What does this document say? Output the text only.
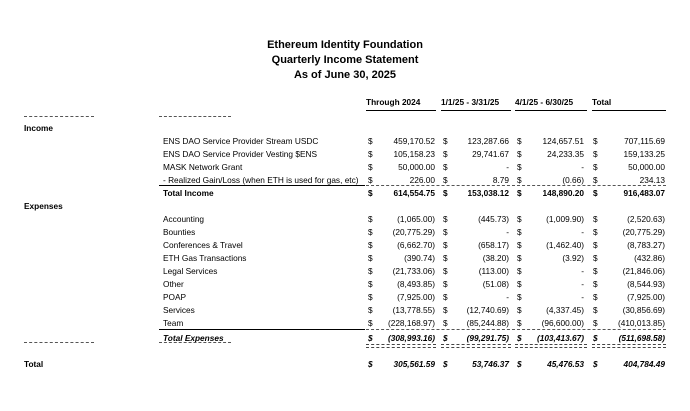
Ethereum Identity Foundation
Quarterly Income Statement
As of June 30, 2025
Through 2024 1/1/25 - 3/31/25 4/1/25 - 6/30/25 Total
Income
Expenses
ENS DAO Service Provider Stream USDC	$	459,170.52 $	123,287.66 $	124,657.51 $	707,115.69
ENS DAO Service Provider Vesting $ENS	$	105,158.23 $	29,741.67 $	24,233.35 $	159,133.25
MASK Network Grant	$	50,000.00 $	- $	- $	50,000.00
- Realized Gain/Loss (when ETH is used for gas, etc) $	226.00 $	8.79 $	(0.66) $	234.13
Total Income	$	614,554.75 $	153,038.12 $	148,890.20 $	916,483.07
Accounting	$	(1,065.00) $	(445.73) $	(1,009.90) $	(2,520.63)
Bounties	$	(20,775.29) $	- $	- $	(20,775.29)
Conferences & Travel	$	(6,662.70) $	(658.17) $	(1,462.40) $	(8,783.27)
ETH Gas Transactions	$	(390.74) $	(38.20) $	(3.92) $	(432.86)
Legal Services	$	(21,733.06) $	(113.00) $	- $	(21,846.06)
Other	$	(8,493.85) $	(51.08) $	- $	(8,544.93)
POAP	$	(7,925.00) $	- $	- $	(7,925.00)
Services	$	(13,778.55) $	(12,740.69) $	(4,337.45) $	(30,856.69)
Team	$	(228,168.97) $	(85,244.88) $	(96,600.00) $	(410,013.85)
Total Expenses	$	(308,993.16) $	(99,291.75) $	(103,413.67) $	(511,698.58)
Total	$	305,561.59 $	53,746.37 $	45,476.53 $	404,784.49
